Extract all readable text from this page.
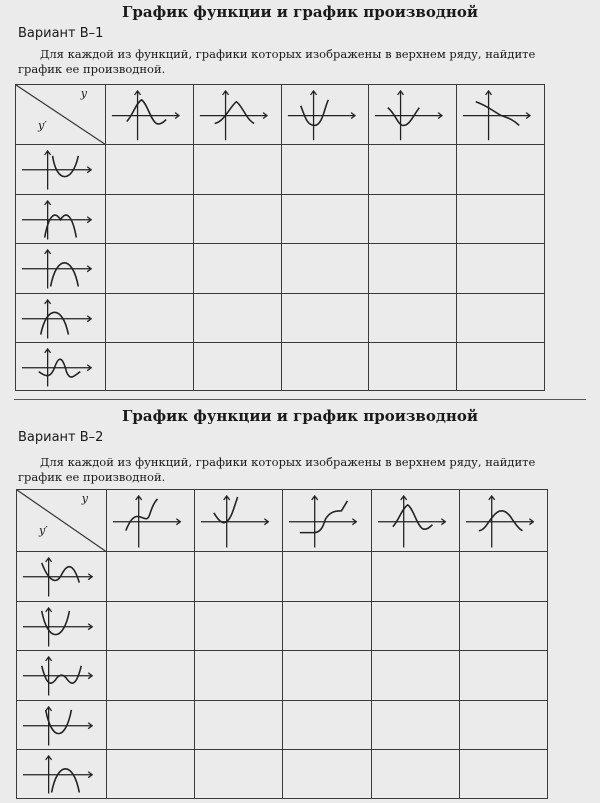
График функции и график производной
Вариант В–1
Для каждой из функций, графики которых изображены в верхнем ряду, найдите график ее производной.
y
y′

График функции и график производной
Вариант В–2
Для каждой из функций, графики которых изображены в верхнем ряду, найдите график ее производной.
y
y′
